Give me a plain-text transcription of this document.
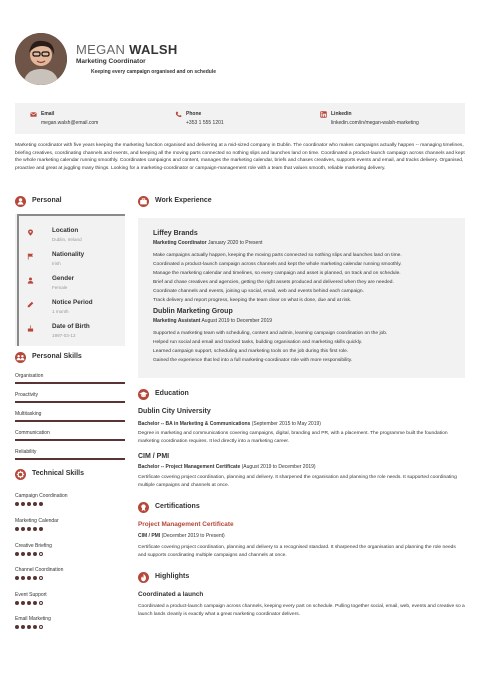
MEGAN WALSH
Marketing Coordinator
Keeping every campaign organised and on schedule
Email
megan.walsh@email.com
Phone
+353 1 555 1201
Linkedin
linkedin.com/in/megan-walsh-marketing
Marketing coordinator with five years keeping the marketing function organised and delivering at a mid-sized company in Dublin. The coordinator who makes campaigns actually happen -- managing timelines, briefing creatives, coordinating channels and events, and keeping all the moving parts connected so nothing slips and launches land on time. Coordinated a product-launch campaign across channels and kept the whole marketing calendar running smoothly. Coordinates campaigns and content, manages the marketing calendar, briefs and chases creatives, supports events and email, and tracks delivery. Organised, proactive and great at juggling many things. Looking for a marketing-coordinator or campaign-management role with a team that values smooth, reliable marketing delivery.
Personal
Location
Dublin, Ireland
Nationality
Irish
Gender
Female
Notice Period
1 month
Date of Birth
1997-03-12
Personal Skills
Organisation
Proactivity
Multitasking
Communication
Reliability
Technical Skills
Campaign Coordination
Marketing Calendar
Creative Briefing
Channel Coordination
Event Support
Email Marketing
Work Experience
Liffey Brands
Marketing Coordinator January 2020 to Present
Make campaigns actually happen, keeping the moving parts connected so nothing slips and launches land on time.
Coordinated a product-launch campaign across channels and kept the whole marketing calendar running smoothly.
Manage the marketing calendar and timelines, so every campaign and asset is planned, on track and on schedule.
Brief and chase creatives and agencies, getting the right assets produced and delivered when they are needed.
Coordinate channels and events, joining up social, email, web and events behind each campaign.
Track delivery and report progress, keeping the team clear on what is done, due and at risk.
Dublin Marketing Group
Marketing Assistant August 2019 to December 2019
Supported a marketing team with scheduling, content and admin, learning campaign coordination on the job.
Helped run social and email and tracked tasks, building organisation and marketing skills quickly.
Learned campaign support, scheduling and marketing tools on the job during this first role.
Gained the experience that led into a full marketing-coordinator role with more responsibility.
Education
Dublin City University
Bachelor -- BA in Marketing & Communications (September 2015 to May 2019)
Degree in marketing and communications covering campaigns, digital, branding and PR, with a placement. The programme built the foundation marketing coordination requires. It led directly into a marketing career.
CIM / PMI
Bachelor -- Project Management Certificate (August 2019 to December 2019)
Certificate covering project coordination, planning and delivery. It sharpened the organisation and planning the role needs. It supported coordinating multiple campaigns and channels at once.
Certifications
Project Management Certificate
CIM / PMI (December 2019 to Present)
Certificate covering project coordination, planning and delivery to a recognised standard. It sharpened the organisation and planning the role needs and supports coordinating multiple campaigns and channels at once.
Highlights
Coordinated a launch
Coordinated a product-launch campaign across channels, keeping every part on schedule. Pulling together social, email, web, events and creative so a launch lands cleanly is exactly what a great marketing coordinator delivers.
